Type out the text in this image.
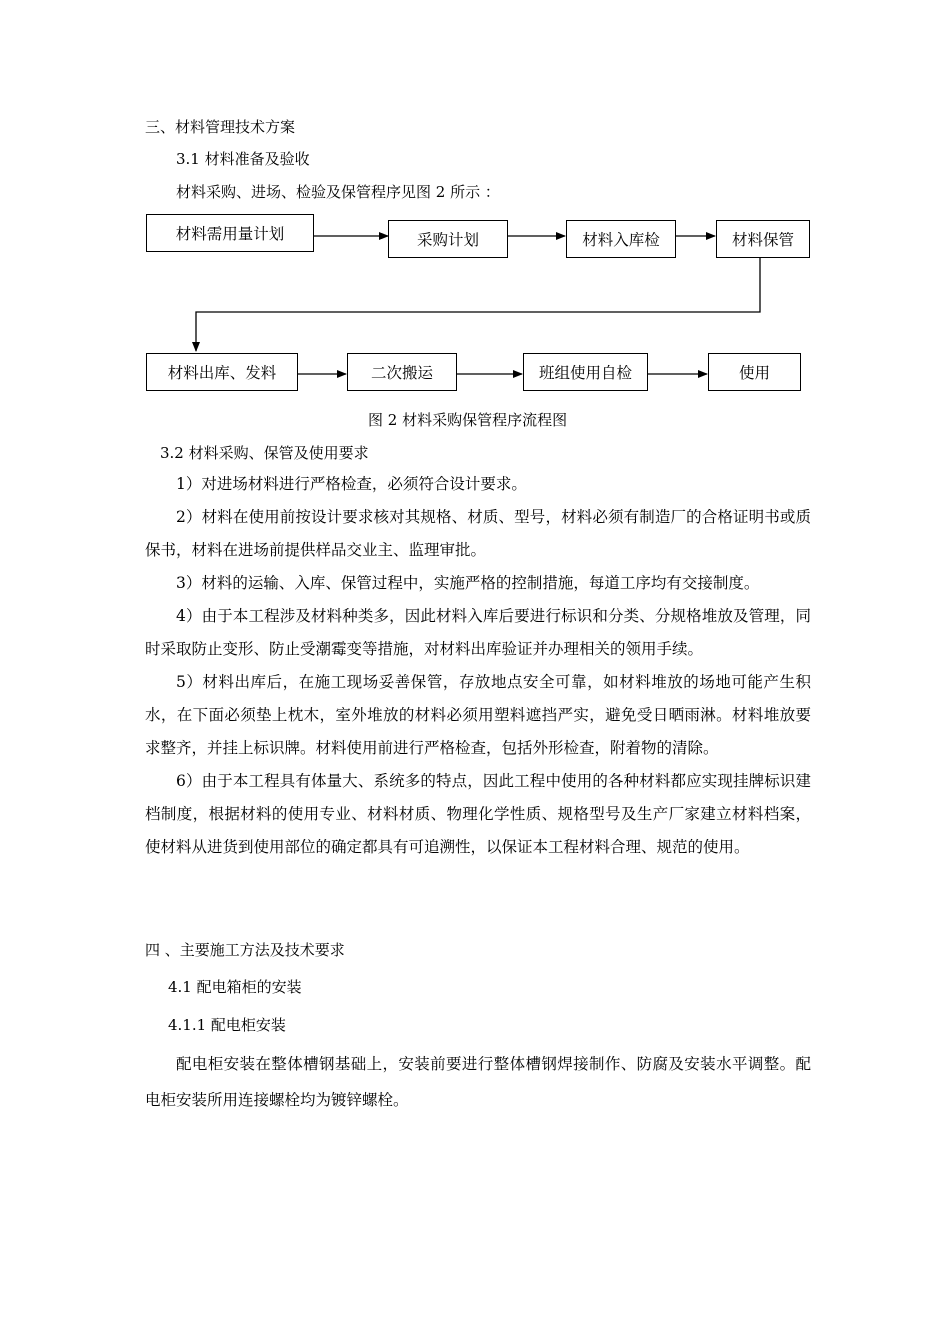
三、材料管理技术方案
3.1 材料准备及验收
材料采购、进场、检验及保管程序见图 2 所示 ：
材料需用量计划	采购计划	材料入库检	材料保管
材料出库、发料	二次搬运	班组使用自检	使用
图 2 材料采购保管程序流程图
3.2 材料采购、保管及使用要求
1）对进场材料进行严格检查，必须符合设计要求。
2）材料在使用前按设计要求核对其规格、材质、型号，材料必须有制造厂的合格证明书或质保书，材料在进场前提供样品交业主、监理审批。
3）材料的运输、入库、保管过程中，实施严格的控制措施，每道工序均有交接制度。
4）由于本工程涉及材料种类多，因此材料入库后要进行标识和分类、分规格堆放及管理，同时采取防止变形、防止受潮霉变等措施，对材料出库验证并办理相关的领用手续。
5）材料出库后，在施工现场妥善保管，存放地点安全可靠，如材料堆放的场地可能产生积水，在下面必须垫上枕木，室外堆放的材料必须用塑料遮挡严实，避免受日晒雨淋。材料堆放要求整齐，并挂上标识牌。材料使用前进行严格检查，包括外形检查，附着物的清除。
6）由于本工程具有体量大、系统多的特点，因此工程中使用的各种材料都应实现挂牌标识建档制度，根据材料的使用专业、材料材质、物理化学性质、规格型号及生产厂家建立材料档案，使材料从进货到使用部位的确定都具有可追溯性，以保证本工程材料合理、规范的使用。
四 、主要施工方法及技术要求
4.1 配电箱柜的安装
4.1.1 配电柜安装
配电柜安装在整体槽钢基础上，安装前要进行整体槽钢焊接制作、防腐及安装水平调整。配电柜安装所用连接螺栓均为镀锌螺栓。
